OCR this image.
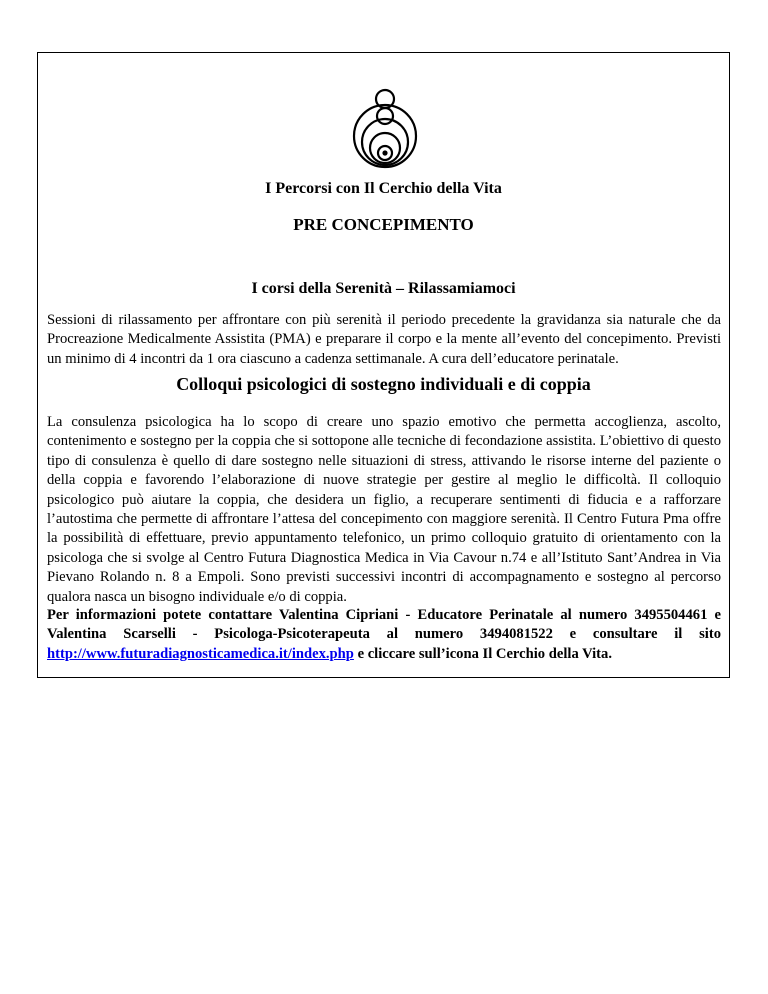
I Percorsi con Il Cerchio della Vita

PRE CONCEPIMENTO

I corsi della Serenità – Rilassamiamoci

Sessioni di rilassamento per affrontare con più serenità il periodo precedente la gravidanza sia naturale che da Procreazione Medicalmente Assistita (PMA) e preparare il corpo e la mente all’evento del concepimento. Previsti un minimo di 4 incontri da 1 ora ciascuno a cadenza settimanale. A cura dell’educatore perinatale.

Colloqui psicologici di sostegno individuali e di coppia

La consulenza psicologica ha lo scopo di creare uno spazio emotivo che permetta accoglienza, ascolto, contenimento e sostegno per la coppia che si sottopone alle tecniche di fecondazione assistita. L’obiettivo di questo tipo di consulenza è quello di dare sostegno nelle situazioni di stress, attivando le risorse interne del paziente o della coppia e favorendo l’elaborazione di nuove strategie per gestire al meglio le difficoltà. Il colloquio psicologico può aiutare la coppia, che desidera un figlio, a recuperare sentimenti di fiducia e a rafforzare l’autostima che permette di affrontare l’attesa del concepimento con maggiore serenità. Il Centro Futura Pma offre la possibilità di effettuare, previo appuntamento telefonico, un primo colloquio gratuito di orientamento con la psicologa che si svolge al Centro Futura Diagnostica Medica in Via Cavour n.74 e all’Istituto Sant’Andrea in Via Pievano Rolando n. 8 a Empoli. Sono previsti successivi incontri di accompagnamento e sostegno al percorso qualora nasca un bisogno individuale e/o di coppia.

Per informazioni potete contattare Valentina Cipriani - Educatore Perinatale al numero 3495504461 e Valentina Scarselli - Psicologa-Psicoterapeuta al numero 3494081522 e consultare il sito http://www.futuradiagnosticamedica.it/index.php e cliccare sull’icona Il Cerchio della Vita.
